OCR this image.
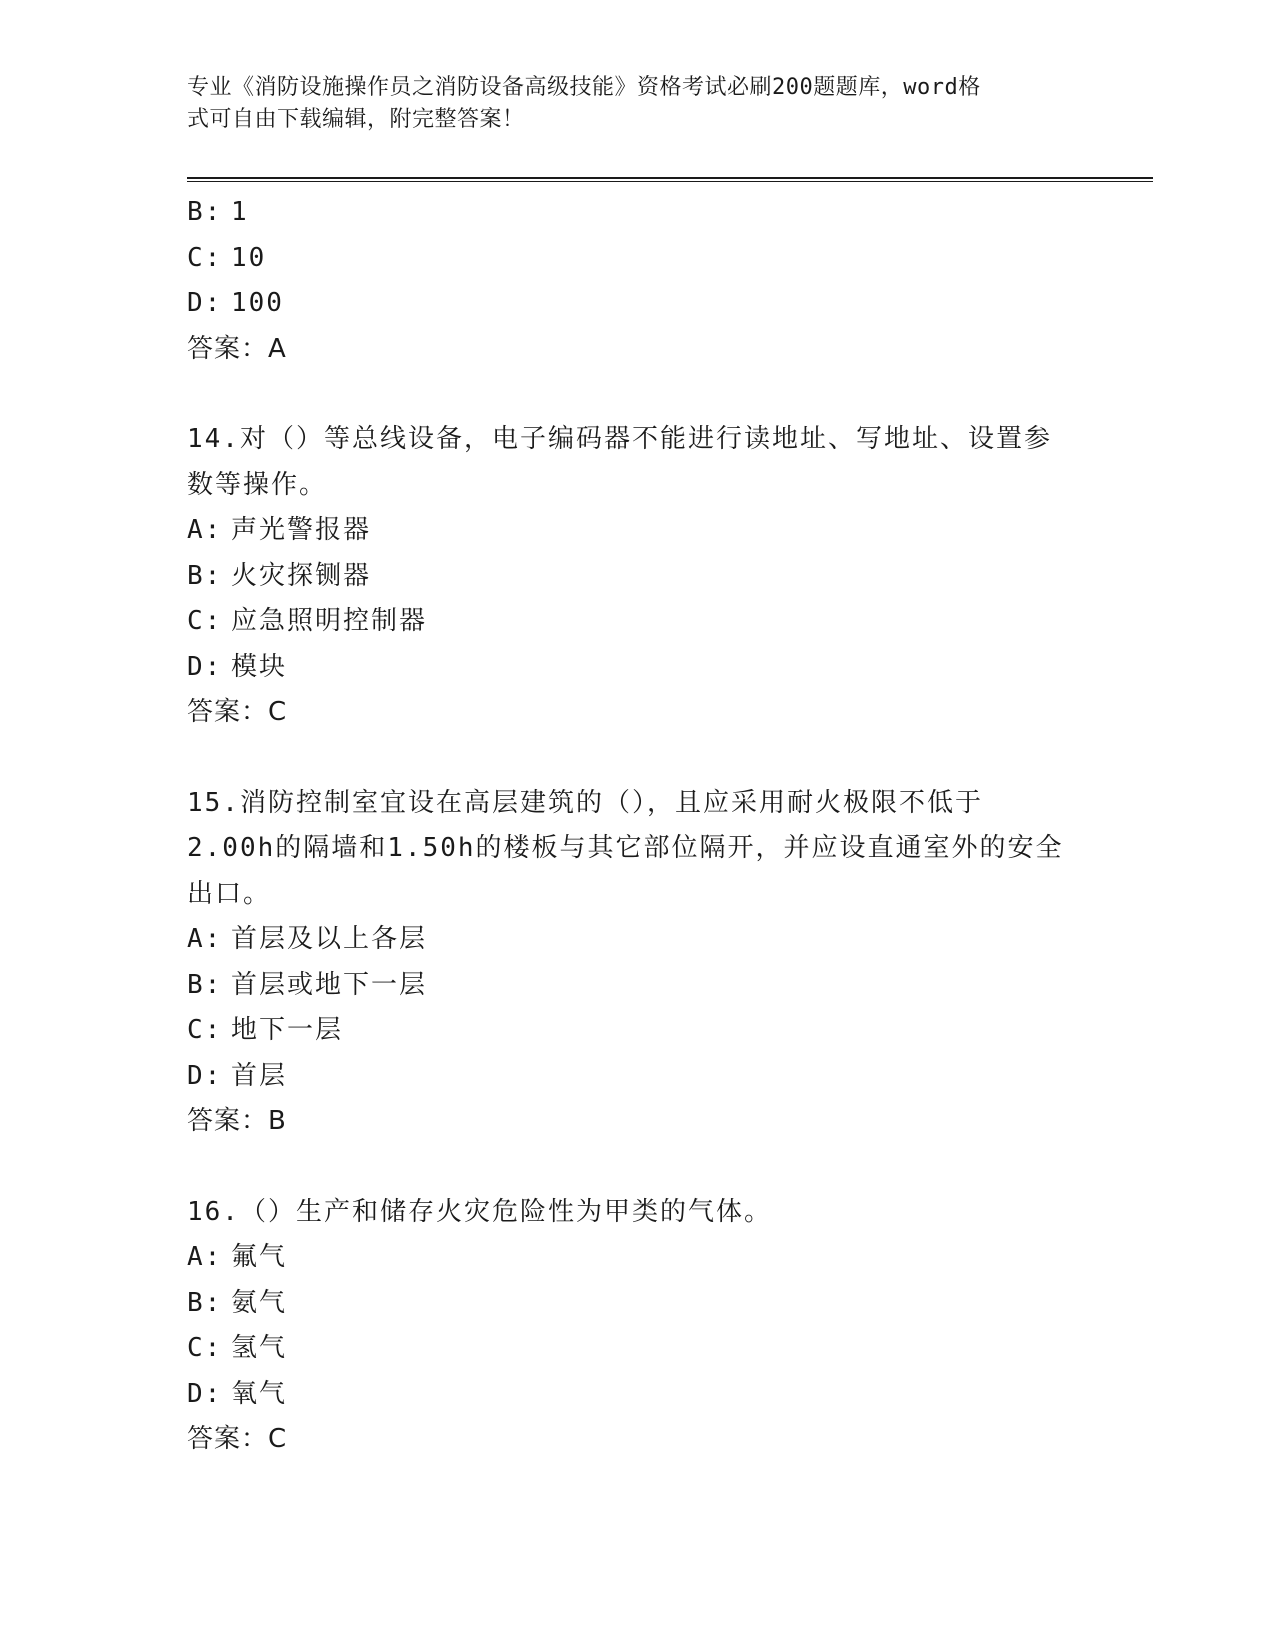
专业《消防设施操作员之消防设备高级技能》资格考试必刷200题题库，word格
式可自由下载编辑，附完整答案！
B: 1
C: 10
D: 100
答案：A
14.对（）等总线设备，电子编码器不能进行读地址、写地址、设置参
数等操作。
A: 声光警报器
B: 火灾探铡器
C: 应急照明控制器
D: 模块
答案：C
15.消防控制室宜设在高层建筑的（），且应采用耐火极限不低于
2.00h的隔墙和1.50h的楼板与其它部位隔开，并应设直通室外的安全
出口。
A: 首层及以上各层
B: 首层或地下一层
C: 地下一层
D: 首层
答案：B
16.（）生产和储存火灾危险性为甲类的气体。
A: 氟气
B: 氨气
C: 氢气
D: 氧气
答案：C
